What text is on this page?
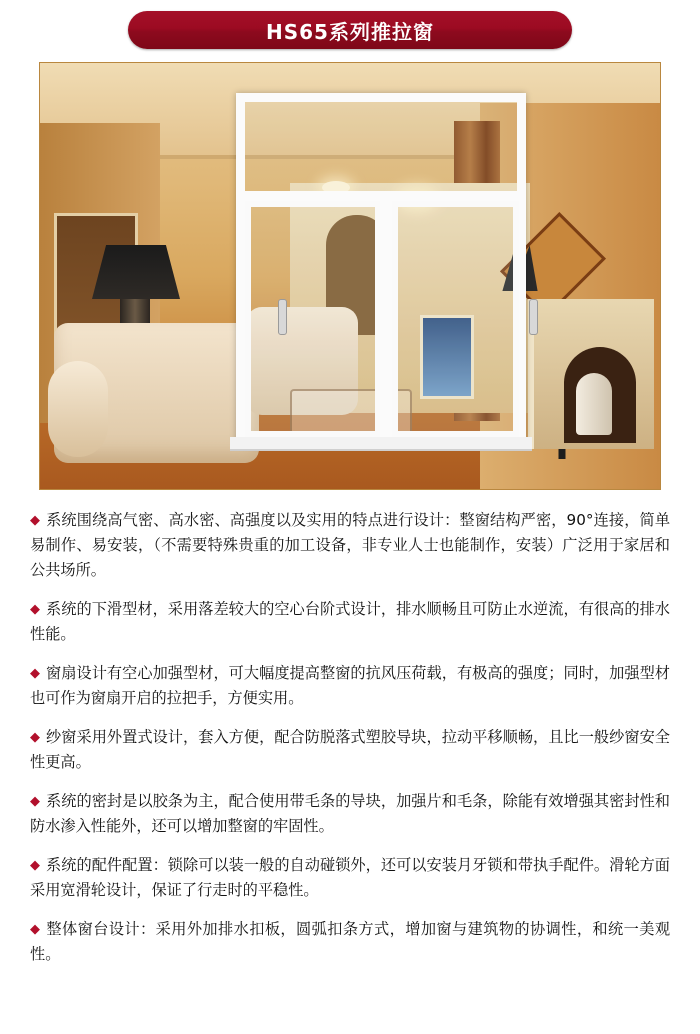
HS65系列推拉窗

◆ 系统围绕高气密、高水密、高强度以及实用的特点进行设计：整窗结构严密，90°连接，简单易制作、易安装，（不需要特殊贵重的加工设备，非专业人士也能制作，安装）广泛用于家居和公共场所。

◆ 系统的下滑型材，采用落差较大的空心台阶式设计，排水顺畅且可防止水逆流，有很高的排水性能。

◆ 窗扇设计有空心加强型材，可大幅度提高整窗的抗风压荷载，有极高的强度；同时，加强型材也可作为窗扇开启的拉把手，方便实用。

◆ 纱窗采用外置式设计，套入方便，配合防脱落式塑胶导块，拉动平移顺畅，且比一般纱窗安全性更高。

◆ 系统的密封是以胶条为主，配合使用带毛条的导块，加强片和毛条，除能有效增强其密封性和防水渗入性能外，还可以增加整窗的牢固性。

◆ 系统的配件配置：锁除可以装一般的自动碰锁外，还可以安装月牙锁和带执手配件。滑轮方面采用宽滑轮设计，保证了行走时的平稳性。

◆ 整体窗台设计：采用外加排水扣板，圆弧扣条方式，增加窗与建筑物的协调性，和统一美观性。
